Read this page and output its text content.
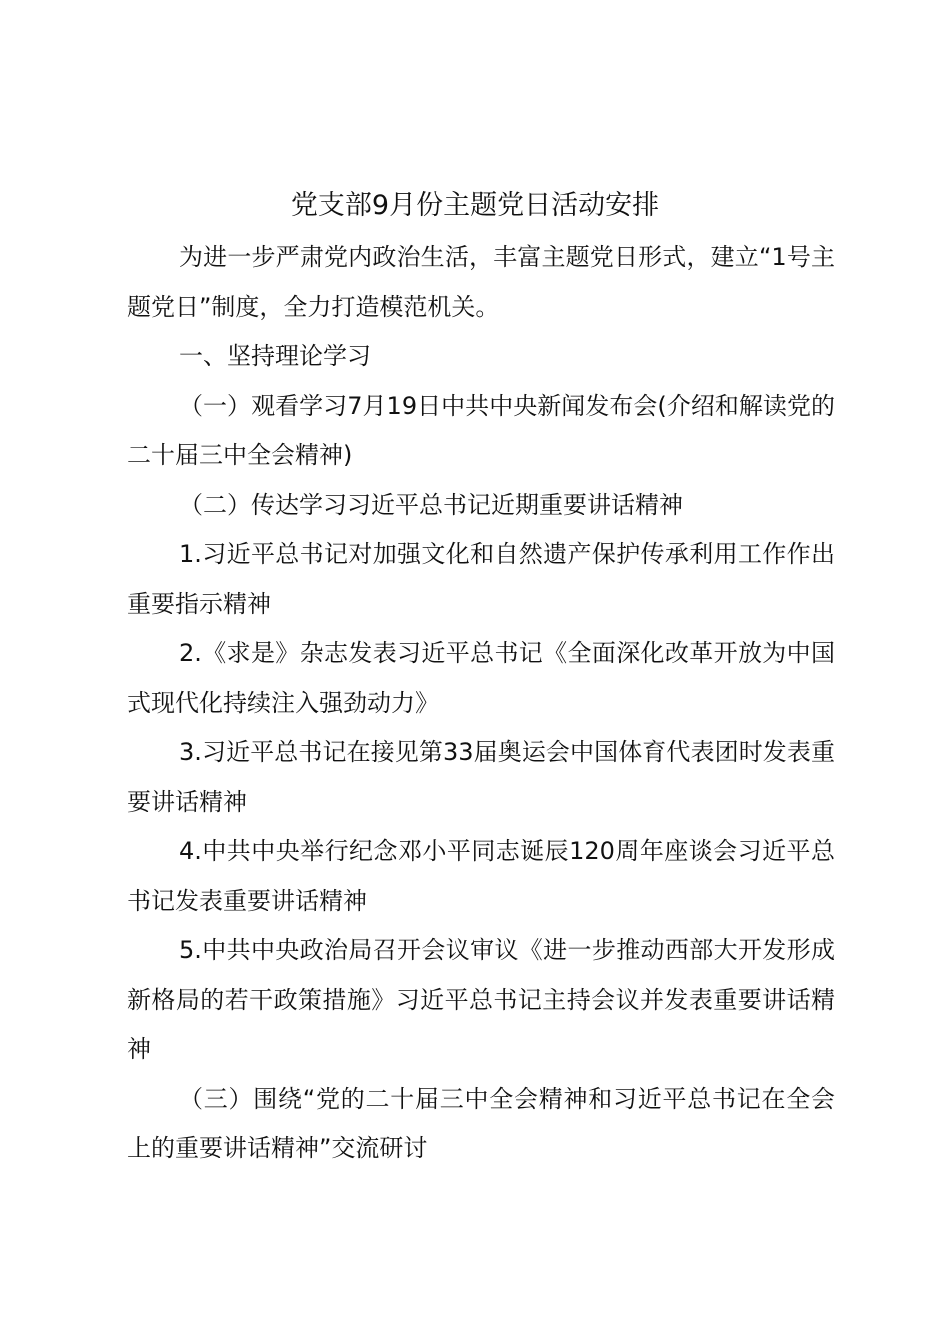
党支部9月份主题党日活动安排

为进一步严肃党内政治生活，丰富主题党日形式，建立“1号主题党日”制度，全力打造模范机关。

一、坚持理论学习

（一）观看学习7月19日中共中央新闻发布会(介绍和解读党的二十届三中全会精神)

（二）传达学习习近平总书记近期重要讲话精神

1.习近平总书记对加强文化和自然遗产保护传承利用工作作出重要指示精神

2.《求是》杂志发表习近平总书记《全面深化改革开放为中国式现代化持续注入强劲动力》

3.习近平总书记在接见第33届奥运会中国体育代表团时发表重要讲话精神

4.中共中央举行纪念邓小平同志诞辰120周年座谈会习近平总书记发表重要讲话精神

5.中共中央政治局召开会议审议《进一步推动西部大开发形成新格局的若干政策措施》习近平总书记主持会议并发表重要讲话精神

（三）围绕“党的二十届三中全会精神和习近平总书记在全会上的重要讲话精神”交流研讨
